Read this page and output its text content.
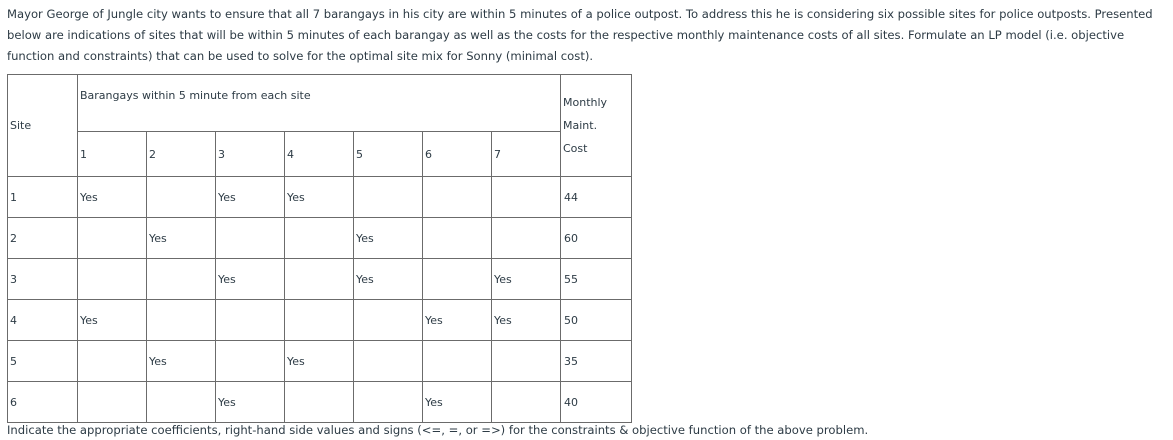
Mayor George of Jungle city wants to ensure that all 7 barangays in his city are within 5 minutes of a police outpost. To address this he is considering six possible sites for police outposts. Presented below are indications of sites that will be within 5 minutes of each barangay as well as the costs for the respective monthly maintenance costs of all sites. Formulate an LP model (i.e. objective function and constraints) that can be used to solve for the optimal site mix for Sonny (minimal cost).

Site	Barangays within 5 minute from each site							Monthly
Maint.
Cost

	1	2	3	4	5	6	7	
1	Yes		Yes	Yes				44
2		Yes			Yes			60
3			Yes		Yes		Yes	55
4	Yes					Yes	Yes	50
5		Yes		Yes				35
6			Yes			Yes		40

Indicate the appropriate coefficients, right-hand side values and signs (<=, =, or =>) for the constraints & objective function of the above problem.
